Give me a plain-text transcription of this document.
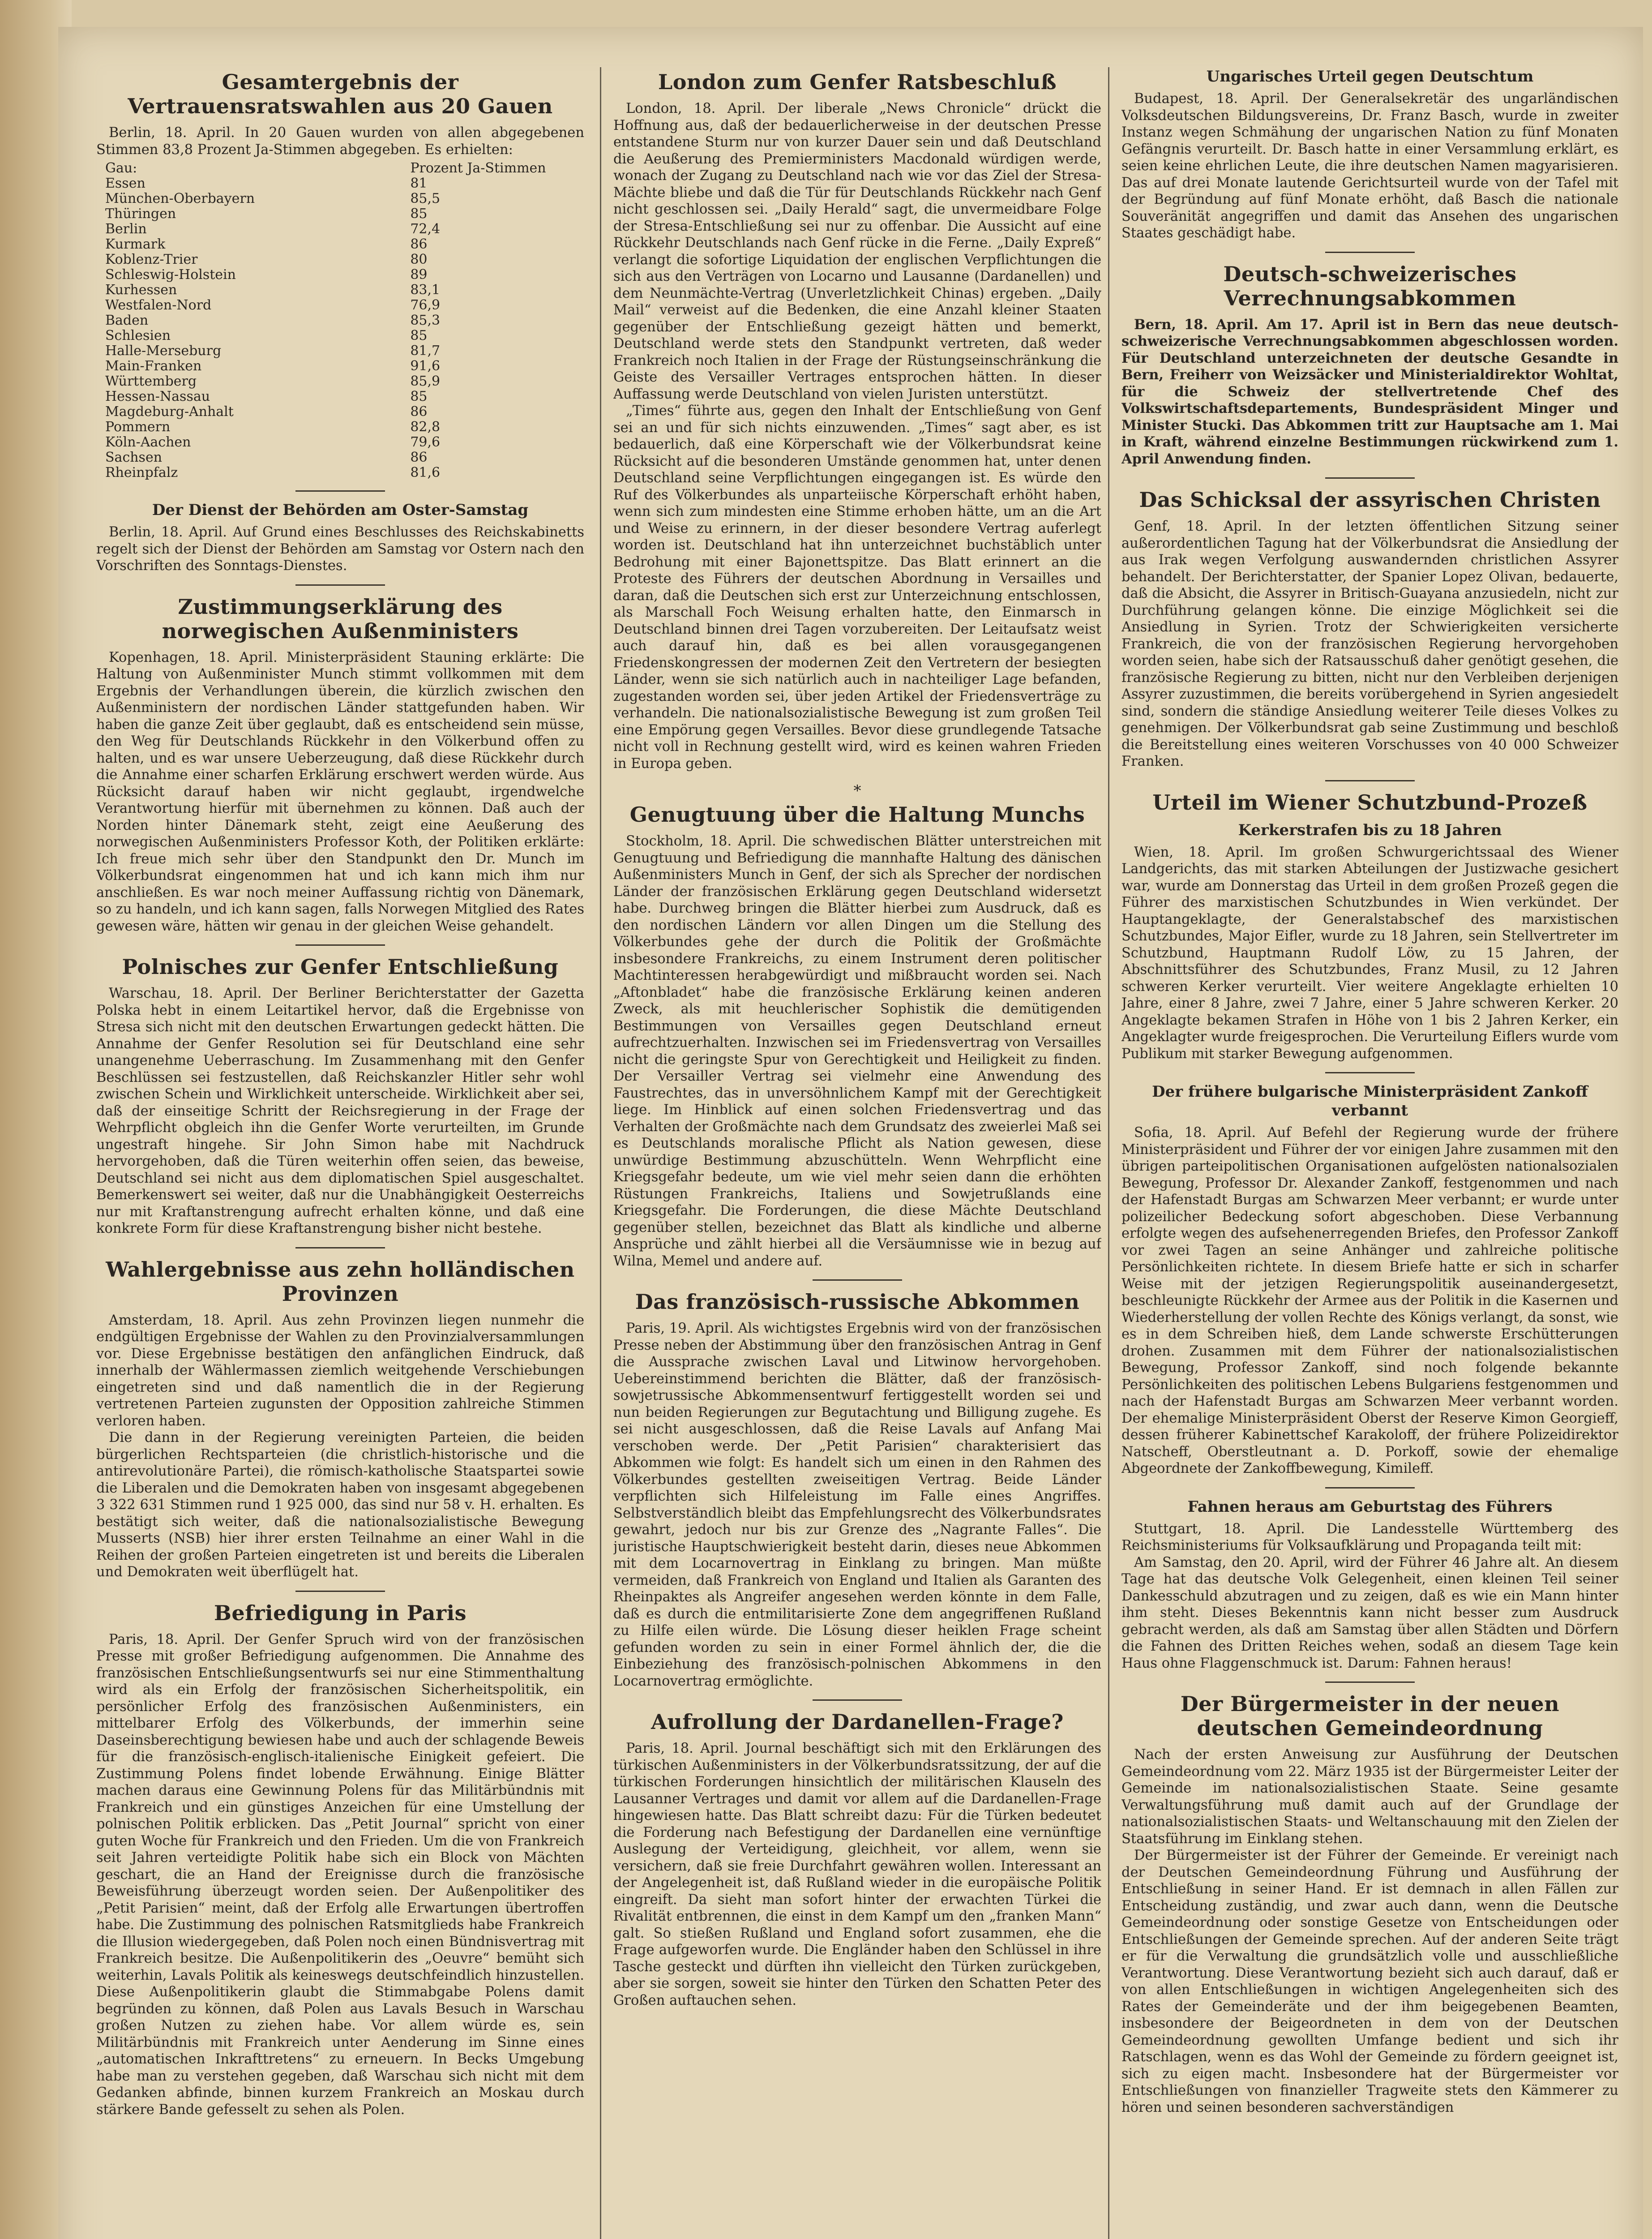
Gesamtergebnis der Vertrauensratswahlen aus 20 Gauen

Berlin, 18. April. In 20 Gauen wurden von allen abgegebenen Stimmen 83,8 Prozent Ja-Stimmen abgegeben. Es erhielten:

Gau:	Prozent Ja-Stimmen
Essen	81
München-Oberbayern	85,5
Thüringen	85
Berlin	72,4
Kurmark	86
Koblenz-Trier	80
Schleswig-Holstein	89
Kurhessen	83,1
Westfalen-Nord	76,9
Baden	85,3
Schlesien	85
Halle-Merseburg	81,7
Main-Franken	91,6
Württemberg	85,9
Hessen-Nassau	85
Magdeburg-Anhalt	86
Pommern	82,8
Köln-Aachen	79,6
Sachsen	86
Rheinpfalz	81,6
Der Dienst der Behörden am Oster-Samstag

Berlin, 18. April. Auf Grund eines Beschlusses des Reichskabinetts regelt sich der Dienst der Behörden am Samstag vor Ostern nach den Vorschriften des Sonntags-Dienstes.

Zustimmungserklärung des norwegischen Außenministers

Kopenhagen, 18. April. Ministerpräsident Stauning erklärte: Die Haltung von Außenminister Munch stimmt vollkommen mit dem Ergebnis der Verhandlungen überein, die kürzlich zwischen den Außenministern der nordischen Länder stattgefunden haben. Wir haben die ganze Zeit über geglaubt, daß es entscheidend sein müsse, den Weg für Deutschlands Rückkehr in den Völkerbund offen zu halten, und es war unsere Ueberzeugung, daß diese Rückkehr durch die Annahme einer scharfen Erklärung erschwert werden würde. Aus Rücksicht darauf haben wir nicht geglaubt, irgendwelche Verantwortung hierfür mit übernehmen zu können. Daß auch der Norden hinter Dänemark steht, zeigt eine Aeußerung des norwegischen Außenministers Professor Koth, der Politiken erklärte: Ich freue mich sehr über den Standpunkt den Dr. Munch im Völkerbundsrat eingenommen hat und ich kann mich ihm nur anschließen. Es war noch meiner Auffassung richtig von Dänemark, so zu handeln, und ich kann sagen, falls Norwegen Mitglied des Rates gewesen wäre, hätten wir genau in der gleichen Weise gehandelt.

Polnisches zur Genfer Entschließung

Warschau, 18. April. Der Berliner Berichterstatter der Gazetta Polska hebt in einem Leitartikel hervor, daß die Ergebnisse von Stresa sich nicht mit den deutschen Erwartungen gedeckt hätten. Die Annahme der Genfer Resolution sei für Deutschland eine sehr unangenehme Ueberraschung. Im Zusammenhang mit den Genfer Beschlüssen sei festzustellen, daß Reichskanzler Hitler sehr wohl zwischen Schein und Wirklichkeit unterscheide. Wirklichkeit aber sei, daß der einseitige Schritt der Reichsregierung in der Frage der Wehrpflicht obgleich ihn die Genfer Worte verurteilten, im Grunde ungestraft hingehe. Sir John Simon habe mit Nachdruck hervorgehoben, daß die Türen weiterhin offen seien, das beweise, Deutschland sei nicht aus dem diplomatischen Spiel ausgeschaltet. Bemerkenswert sei weiter, daß nur die Unabhängigkeit Oesterreichs nur mit Kraftanstrengung aufrecht erhalten könne, und daß eine konkrete Form für diese Kraftanstrengung bisher nicht bestehe.

Wahlergebnisse aus zehn holländischen Provinzen

Amsterdam, 18. April. Aus zehn Provinzen liegen nunmehr die endgültigen Ergebnisse der Wahlen zu den Provinzialversammlungen vor. Diese Ergebnisse bestätigen den anfänglichen Eindruck, daß innerhalb der Wählermassen ziemlich weitgehende Verschiebungen eingetreten sind und daß namentlich die in der Regierung vertretenen Parteien zugunsten der Opposition zahlreiche Stimmen verloren haben.

Die dann in der Regierung vereinigten Parteien, die beiden bürgerlichen Rechtsparteien (die christlich-historische und die antirevolutionäre Partei), die römisch-katholische Staatspartei sowie die Liberalen und die Demokraten haben von insgesamt abgegebenen 3 322 631 Stimmen rund 1 925 000, das sind nur 58 v. H. erhalten. Es bestätigt sich weiter, daß die nationalsozialistische Bewegung Musserts (NSB) hier ihrer ersten Teilnahme an einer Wahl in die Reihen der großen Parteien eingetreten ist und bereits die Liberalen und Demokraten weit überflügelt hat.

Befriedigung in Paris

Paris, 18. April. Der Genfer Spruch wird von der französischen Presse mit großer Befriedigung aufgenommen. Die Annahme des französischen Entschließungsentwurfs sei nur eine Stimmenthaltung wird als ein Erfolg der französischen Sicherheitspolitik, ein persönlicher Erfolg des französischen Außenministers, ein mittelbarer Erfolg des Völkerbunds, der immerhin seine Daseinsberechtigung bewiesen habe und auch der schlagende Beweis für die französisch-englisch-italienische Einigkeit gefeiert. Die Zustimmung Polens findet lobende Erwähnung. Einige Blätter machen daraus eine Gewinnung Polens für das Militärbündnis mit Frankreich und ein günstiges Anzeichen für eine Umstellung der polnischen Politik erblicken. Das „Petit Journal“ spricht von einer guten Woche für Frankreich und den Frieden. Um die von Frankreich seit Jahren verteidigte Politik habe sich ein Block von Mächten geschart, die an Hand der Ereignisse durch die französische Beweisführung überzeugt worden seien. Der Außenpolitiker des „Petit Parisien“ meint, daß der Erfolg alle Erwartungen übertroffen habe. Die Zustimmung des polnischen Ratsmitglieds habe Frankreich die Illusion wiedergegeben, daß Polen noch einen Bündnisvertrag mit Frankreich besitze. Die Außenpolitikerin des „Oeuvre“ bemüht sich weiterhin, Lavals Politik als keineswegs deutschfeindlich hinzustellen. Diese Außenpolitikerin glaubt die Stimmabgabe Polens damit begründen zu können, daß Polen aus Lavals Besuch in Warschau großen Nutzen zu ziehen habe. Vor allem würde es, sein Militärbündnis mit Frankreich unter Aenderung im Sinne eines „automatischen Inkrafttretens“ zu erneuern. In Becks Umgebung habe man zu verstehen gegeben, daß Warschau sich nicht mit dem Gedanken abfinde, binnen kurzem Frankreich an Moskau durch stärkere Bande gefesselt zu sehen als Polen.

London zum Genfer Ratsbeschluß

London, 18. April. Der liberale „News Chronicle“ drückt die Hoffnung aus, daß der bedauerlicherweise in der deutschen Presse entstandene Sturm nur von kurzer Dauer sein und daß Deutschland die Aeußerung des Premierministers Macdonald würdigen werde, wonach der Zugang zu Deutschland nach wie vor das Ziel der Stresa-Mächte bliebe und daß die Tür für Deutschlands Rückkehr nach Genf nicht geschlossen sei. „Daily Herald“ sagt, die unvermeidbare Folge der Stresa-Entschließung sei nur zu offenbar. Die Aussicht auf eine Rückkehr Deutschlands nach Genf rücke in die Ferne. „Daily Expreß“ verlangt die sofortige Liquidation der englischen Verpflichtungen die sich aus den Verträgen von Locarno und Lausanne (Dardanellen) und dem Neunmächte-Vertrag (Unverletzlichkeit Chinas) ergeben. „Daily Mail“ verweist auf die Bedenken, die eine Anzahl kleiner Staaten gegenüber der Entschließung gezeigt hätten und bemerkt, Deutschland werde stets den Standpunkt vertreten, daß weder Frankreich noch Italien in der Frage der Rüstungseinschränkung die Geiste des Versailler Vertrages entsprochen hätten. In dieser Auffassung werde Deutschland von vielen Juristen unterstützt.

„Times“ führte aus, gegen den Inhalt der Entschließung von Genf sei an und für sich nichts einzuwenden. „Times“ sagt aber, es ist bedauerlich, daß eine Körperschaft wie der Völkerbundsrat keine Rücksicht auf die besonderen Umstände genommen hat, unter denen Deutschland seine Verpflichtungen eingegangen ist. Es würde den Ruf des Völkerbundes als unparteiische Körperschaft erhöht haben, wenn sich zum mindesten eine Stimme erhoben hätte, um an die Art und Weise zu erinnern, in der dieser besondere Vertrag auferlegt worden ist. Deutschland hat ihn unterzeichnet buchstäblich unter Bedrohung mit einer Bajonettspitze. Das Blatt erinnert an die Proteste des Führers der deutschen Abordnung in Versailles und daran, daß die Deutschen sich erst zur Unterzeichnung entschlossen, als Marschall Foch Weisung erhalten hatte, den Einmarsch in Deutschland binnen drei Tagen vorzubereiten. Der Leitaufsatz weist auch darauf hin, daß es bei allen vorausgegangenen Friedenskongressen der modernen Zeit den Vertretern der besiegten Länder, wenn sie sich natürlich auch in nachteiliger Lage befanden, zugestanden worden sei, über jeden Artikel der Friedensverträge zu verhandeln. Die nationalsozialistische Bewegung ist zum großen Teil eine Empörung gegen Versailles. Bevor diese grundlegende Tatsache nicht voll in Rechnung gestellt wird, wird es keinen wahren Frieden in Europa geben.

*
Genugtuung über die Haltung Munchs

Stockholm, 18. April. Die schwedischen Blätter unterstreichen mit Genugtuung und Befriedigung die mannhafte Haltung des dänischen Außenministers Munch in Genf, der sich als Sprecher der nordischen Länder der französischen Erklärung gegen Deutschland widersetzt habe. Durchweg bringen die Blätter hierbei zum Ausdruck, daß es den nordischen Ländern vor allen Dingen um die Stellung des Völkerbundes gehe der durch die Politik der Großmächte insbesondere Frankreichs, zu einem Instrument deren politischer Machtinteressen herabgewürdigt und mißbraucht worden sei. Nach „Aftonbladet“ habe die französische Erklärung keinen anderen Zweck, als mit heuchlerischer Sophistik die demütigenden Bestimmungen von Versailles gegen Deutschland erneut aufrechtzuerhalten. Inzwischen sei im Friedensvertrag von Versailles nicht die geringste Spur von Gerechtigkeit und Heiligkeit zu finden. Der Versailler Vertrag sei vielmehr eine Anwendung des Faustrechtes, das in unversöhnlichem Kampf mit der Gerechtigkeit liege. Im Hinblick auf einen solchen Friedensvertrag und das Verhalten der Großmächte nach dem Grundsatz des zweierlei Maß sei es Deutschlands moralische Pflicht als Nation gewesen, diese unwürdige Bestimmung abzuschütteln. Wenn Wehrpflicht eine Kriegsgefahr bedeute, um wie viel mehr seien dann die erhöhten Rüstungen Frankreichs, Italiens und Sowjetrußlands eine Kriegsgefahr. Die Forderungen, die diese Mächte Deutschland gegenüber stellen, bezeichnet das Blatt als kindliche und alberne Ansprüche und zählt hierbei all die Versäumnisse wie in bezug auf Wilna, Memel und andere auf.

Das französisch-russische Abkommen

Paris, 19. April. Als wichtigstes Ergebnis wird von der französischen Presse neben der Abstimmung über den französischen Antrag in Genf die Aussprache zwischen Laval und Litwinow hervorgehoben. Uebereinstimmend berichten die Blätter, daß der französisch-sowjetrussische Abkommensentwurf fertiggestellt worden sei und nun beiden Regierungen zur Begutachtung und Billigung zugehe. Es sei nicht ausgeschlossen, daß die Reise Lavals auf Anfang Mai verschoben werde. Der „Petit Parisien“ charakterisiert das Abkommen wie folgt: Es handelt sich um einen in den Rahmen des Völkerbundes gestellten zweiseitigen Vertrag. Beide Länder verpflichten sich Hilfeleistung im Falle eines Angriffes. Selbstverständlich bleibt das Empfehlungsrecht des Völkerbundsrates gewahrt, jedoch nur bis zur Grenze des „Nagrante Falles“. Die juristische Hauptschwierigkeit besteht darin, dieses neue Abkommen mit dem Locarnovertrag in Einklang zu bringen. Man müßte vermeiden, daß Frankreich von England und Italien als Garanten des Rheinpaktes als Angreifer angesehen werden könnte in dem Falle, daß es durch die entmilitarisierte Zone dem angegriffenen Rußland zu Hilfe eilen würde. Die Lösung dieser heiklen Frage scheint gefunden worden zu sein in einer Formel ähnlich der, die die Einbeziehung des französisch-polnischen Abkommens in den Locarnovertrag ermöglichte.

Aufrollung der Dardanellen-Frage?

Paris, 18. April. Journal beschäftigt sich mit den Erklärungen des türkischen Außenministers in der Völkerbundsratssitzung, der auf die türkischen Forderungen hinsichtlich der militärischen Klauseln des Lausanner Vertrages und damit vor allem auf die Dardanellen-Frage hingewiesen hatte. Das Blatt schreibt dazu: Für die Türken bedeutet die Forderung nach Befestigung der Dardanellen eine vernünftige Auslegung der Verteidigung, gleichheit, vor allem, wenn sie versichern, daß sie freie Durchfahrt gewähren wollen. Interessant an der Angelegenheit ist, daß Rußland wieder in die europäische Politik eingreift. Da sieht man sofort hinter der erwachten Türkei die Rivalität entbrennen, die einst in dem Kampf um den „franken Mann“ galt. So stießen Rußland und England sofort zusammen, ehe die Frage aufgeworfen wurde. Die Engländer haben den Schlüssel in ihre Tasche gesteckt und dürften ihn vielleicht den Türken zurückgeben, aber sie sorgen, soweit sie hinter den Türken den Schatten Peter des Großen auftauchen sehen.

Ungarisches Urteil gegen Deutschtum

Budapest, 18. April. Der Generalsekretär des ungarländischen Volksdeutschen Bildungsvereins, Dr. Franz Basch, wurde in zweiter Instanz wegen Schmähung der ungarischen Nation zu fünf Monaten Gefängnis verurteilt. Dr. Basch hatte in einer Versammlung erklärt, es seien keine ehrlichen Leute, die ihre deutschen Namen magyarisieren. Das auf drei Monate lautende Gerichtsurteil wurde von der Tafel mit der Begründung auf fünf Monate erhöht, daß Basch die nationale Souveränität angegriffen und damit das Ansehen des ungarischen Staates geschädigt habe.

Deutsch-schweizerisches Verrechnungsabkommen

Bern, 18. April. Am 17. April ist in Bern das neue deutsch-schweizerische Verrechnungsabkommen abgeschlossen worden. Für Deutschland unterzeichneten der deutsche Gesandte in Bern, Freiherr von Weizsäcker und Ministerialdirektor Wohltat, für die Schweiz der stellvertretende Chef des Volkswirtschaftsdepartements, Bundespräsident Minger und Minister Stucki. Das Abkommen tritt zur Hauptsache am 1. Mai in Kraft, während einzelne Bestimmungen rückwirkend zum 1. April Anwendung finden.

Das Schicksal der assyrischen Christen

Genf, 18. April. In der letzten öffentlichen Sitzung seiner außerordentlichen Tagung hat der Völkerbundsrat die Ansiedlung der aus Irak wegen Verfolgung auswandernden christlichen Assyrer behandelt. Der Berichterstatter, der Spanier Lopez Olivan, bedauerte, daß die Absicht, die Assyrer in Britisch-Guayana anzusiedeln, nicht zur Durchführung gelangen könne. Die einzige Möglichkeit sei die Ansiedlung in Syrien. Trotz der Schwierigkeiten versicherte Frankreich, die von der französischen Regierung hervorgehoben worden seien, habe sich der Ratsausschuß daher genötigt gesehen, die französische Regierung zu bitten, nicht nur den Verbleiben derjenigen Assyrer zuzustimmen, die bereits vorübergehend in Syrien angesiedelt sind, sondern die ständige Ansiedlung weiterer Teile dieses Volkes zu genehmigen. Der Völkerbundsrat gab seine Zustimmung und beschloß die Bereitstellung eines weiteren Vorschusses von 40 000 Schweizer Franken.

Urteil im Wiener Schutzbund-Prozeß
Kerkerstrafen bis zu 18 Jahren

Wien, 18. April. Im großen Schwurgerichtssaal des Wiener Landgerichts, das mit starken Abteilungen der Justizwache gesichert war, wurde am Donnerstag das Urteil in dem großen Prozeß gegen die Führer des marxistischen Schutzbundes in Wien verkündet. Der Hauptangeklagte, der Generalstabschef des marxistischen Schutzbundes, Major Eifler, wurde zu 18 Jahren, sein Stellvertreter im Schutzbund, Hauptmann Rudolf Löw, zu 15 Jahren, der Abschnittsführer des Schutzbundes, Franz Musil, zu 12 Jahren schweren Kerker verurteilt. Vier weitere Angeklagte erhielten 10 Jahre, einer 8 Jahre, zwei 7 Jahre, einer 5 Jahre schweren Kerker. 20 Angeklagte bekamen Strafen in Höhe von 1 bis 2 Jahren Kerker, ein Angeklagter wurde freigesprochen. Die Verurteilung Eiflers wurde vom Publikum mit starker Bewegung aufgenommen.

Der frühere bulgarische Ministerpräsident Zankoff verbannt

Sofia, 18. April. Auf Befehl der Regierung wurde der frühere Ministerpräsident und Führer der vor einigen Jahre zusammen mit den übrigen parteipolitischen Organisationen aufgelösten nationalsozialen Bewegung, Professor Dr. Alexander Zankoff, festgenommen und nach der Hafenstadt Burgas am Schwarzen Meer verbannt; er wurde unter polizeilicher Bedeckung sofort abgeschoben. Diese Verbannung erfolgte wegen des aufsehenerregenden Briefes, den Professor Zankoff vor zwei Tagen an seine Anhänger und zahlreiche politische Persönlichkeiten richtete. In diesem Briefe hatte er sich in scharfer Weise mit der jetzigen Regierungspolitik auseinandergesetzt, beschleunigte Rückkehr der Armee aus der Politik in die Kasernen und Wiederherstellung der vollen Rechte des Königs verlangt, da sonst, wie es in dem Schreiben hieß, dem Lande schwerste Erschütterungen drohen. Zusammen mit dem Führer der nationalsozialistischen Bewegung, Professor Zankoff, sind noch folgende bekannte Persönlichkeiten des politischen Lebens Bulgariens festgenommen und nach der Hafenstadt Burgas am Schwarzen Meer verbannt worden. Der ehemalige Ministerpräsident Oberst der Reserve Kimon Georgieff, dessen früherer Kabinettschef Karakoloff, der frühere Polizeidirektor Natscheff, Oberstleutnant a. D. Porkoff, sowie der ehemalige Abgeordnete der Zankoffbewegung, Kimileff.

Fahnen heraus am Geburtstag des Führers

Stuttgart, 18. April. Die Landesstelle Württemberg des Reichsministeriums für Volksaufklärung und Propaganda teilt mit:

Am Samstag, den 20. April, wird der Führer 46 Jahre alt. An diesem Tage hat das deutsche Volk Gelegenheit, einen kleinen Teil seiner Dankesschuld abzutragen und zu zeigen, daß es wie ein Mann hinter ihm steht. Dieses Bekenntnis kann nicht besser zum Ausdruck gebracht werden, als daß am Samstag über allen Städten und Dörfern die Fahnen des Dritten Reiches wehen, sodaß an diesem Tage kein Haus ohne Flaggenschmuck ist. Darum: Fahnen heraus!

Der Bürgermeister in der neuen deutschen Gemeindeordnung

Nach der ersten Anweisung zur Ausführung der Deutschen Gemeindeordnung vom 22. März 1935 ist der Bürgermeister Leiter der Gemeinde im nationalsozialistischen Staate. Seine gesamte Verwaltungsführung muß damit auch auf der Grundlage der nationalsozialistischen Staats- und Weltanschauung mit den Zielen der Staatsführung im Einklang stehen.

Der Bürgermeister ist der Führer der Gemeinde. Er vereinigt nach der Deutschen Gemeindeordnung Führung und Ausführung der Entschließung in seiner Hand. Er ist demnach in allen Fällen zur Entscheidung zuständig, und zwar auch dann, wenn die Deutsche Gemeindeordnung oder sonstige Gesetze von Entscheidungen oder Entschließungen der Gemeinde sprechen. Auf der anderen Seite trägt er für die Verwaltung die grundsätzlich volle und ausschließliche Verantwortung. Diese Verantwortung bezieht sich auch darauf, daß er von allen Entschließungen in wichtigen Angelegenheiten sich des Rates der Gemeinderäte und der ihm beigegebenen Beamten, insbesondere der Beigeordneten in dem von der Deutschen Gemeindeordnung gewollten Umfange bedient und sich ihr Ratschlagen, wenn es das Wohl der Gemeinde zu fördern geeignet ist, sich zu eigen macht. Insbesondere hat der Bürgermeister vor Entschließungen von finanzieller Tragweite stets den Kämmerer zu hören und seinen besonderen sachverständigen
